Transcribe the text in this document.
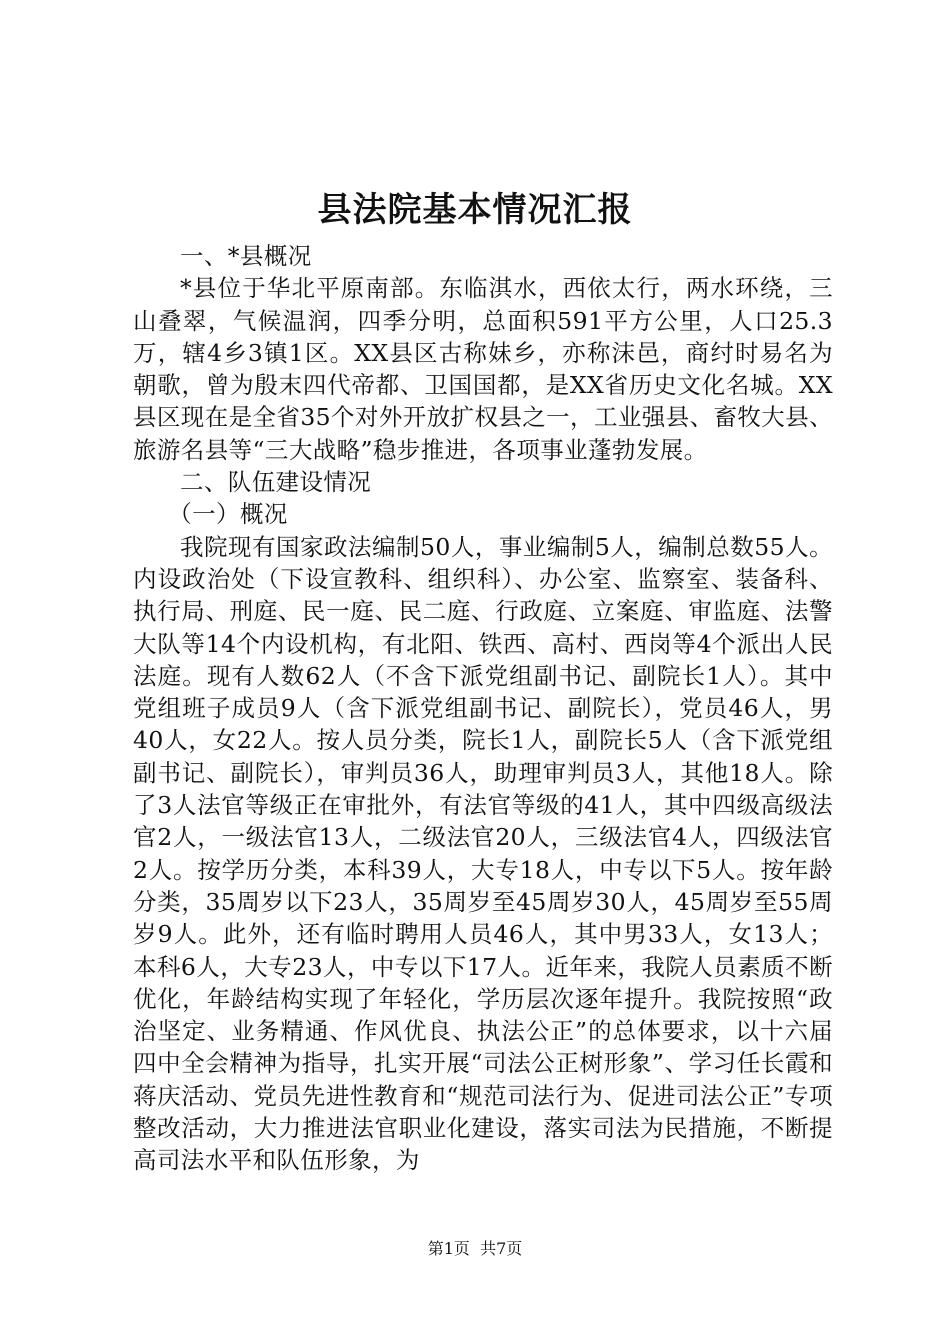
县法院基本情况汇报

一、*县概况

*县位于华北平原南部。东临淇水，西依太行，两水环绕，三山叠翠，气候温润，四季分明，总面积591平方公里，人口25.3万，辖4乡3镇1区。XX县区古称妹乡，亦称沫邑，商纣时易名为朝歌，曾为殷末四代帝都、卫国国都，是XX省历史文化名城。XX县区现在是全省35个对外开放扩权县之一，工业强县、畜牧大县、旅游名县等“三大战略”稳步推进，各项事业蓬勃发展。

二、队伍建设情况

（一）概况

我院现有国家政法编制50人，事业编制5人，编制总数55人。内设政治处（下设宣教科、组织科）、办公室、监察室、装备科、执行局、刑庭、民一庭、民二庭、行政庭、立案庭、审监庭、法警大队等14个内设机构，有北阳、铁西、高村、西岗等4个派出人民法庭。现有人数62人（不含下派党组副书记、副院长1人）。其中党组班子成员9人（含下派党组副书记、副院长），党员46人，男40人，女22人。按人员分类，院长1人，副院长5人（含下派党组副书记、副院长），审判员36人，助理审判员3人，其他18人。除了3人法官等级正在审批外，有法官等级的41人，其中四级高级法官2人，一级法官13人，二级法官20人，三级法官4人，四级法官2人。按学历分类，本科39人，大专18人，中专以下5人。按年龄分类，35周岁以下23人，35周岁至45周岁30人，45周岁至55周岁9人。此外，还有临时聘用人员46人，其中男33人，女13人；本科6人，大专23人，中专以下17人。近年来，我院人员素质不断优化，年龄结构实现了年轻化，学历层次逐年提升。我院按照“政治坚定、业务精通、作风优良、执法公正”的总体要求，以十六届四中全会精神为指导，扎实开展“司法公正树形象”、学习任长霞和蒋庆活动、党员先进性教育和“规范司法行为、促进司法公正”专项整改活动，大力推进法官职业化建设，落实司法为民措施，不断提高司法水平和队伍形象，为

第1页  共7页
